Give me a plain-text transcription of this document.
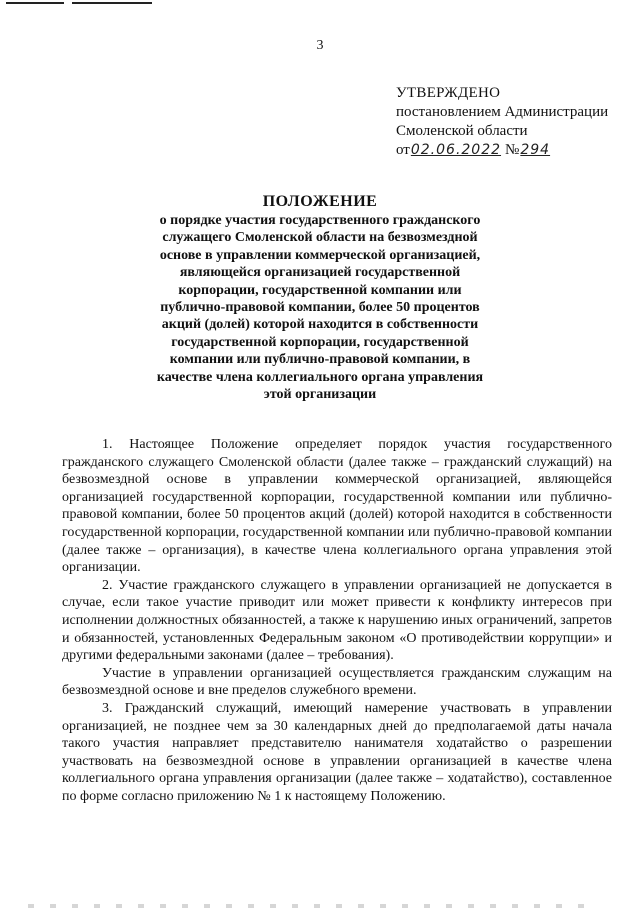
3
УТВЕРЖДЕНО
постановлением Администрации
Смоленской области
от 02.06.2022 № 294
ПОЛОЖЕНИЕ
о порядке участия государственного гражданского
служащего Смоленской области на безвозмездной
основе в управлении коммерческой организацией,
являющейся организацией государственной
корпорации, государственной компании или
публично-правовой компании, более 50 процентов
акций (долей) которой находится в собственности
государственной корпорации, государственной
компании или публично-правовой компании, в
качестве члена коллегиального органа управления
этой организации

1. Настоящее Положение определяет порядок участия государственного гражданского служащего Смоленской области (далее также – гражданский служащий) на безвозмездной основе в управлении коммерческой организацией, являющейся организацией государственной корпорации, государственной компании или публично-правовой компании, более 50 процентов акций (долей) которой находится в собственности государственной корпорации, государственной компании или публично-правовой компании (далее также – организация), в качестве члена коллегиального органа управления этой организации.

2. Участие гражданского служащего в управлении организацией не допускается в случае, если такое участие приводит или может привести к конфликту интересов при исполнении должностных обязанностей, а также к нарушению иных ограничений, запретов и обязанностей, установленных Федеральным законом «О противодействии коррупции» и другими федеральными законами (далее – требования).

Участие в управлении организацией осуществляется гражданским служащим на безвозмездной основе и вне пределов служебного времени.

3. Гражданский служащий, имеющий намерение участвовать в управлении организацией, не позднее чем за 30 календарных дней до предполагаемой даты начала такого участия направляет представителю нанимателя ходатайство о разрешении участвовать на безвозмездной основе в управлении организацией в качестве члена коллегиального органа управления организации (далее также – ходатайство), составленное по форме согласно приложению № 1 к настоящему Положению.
